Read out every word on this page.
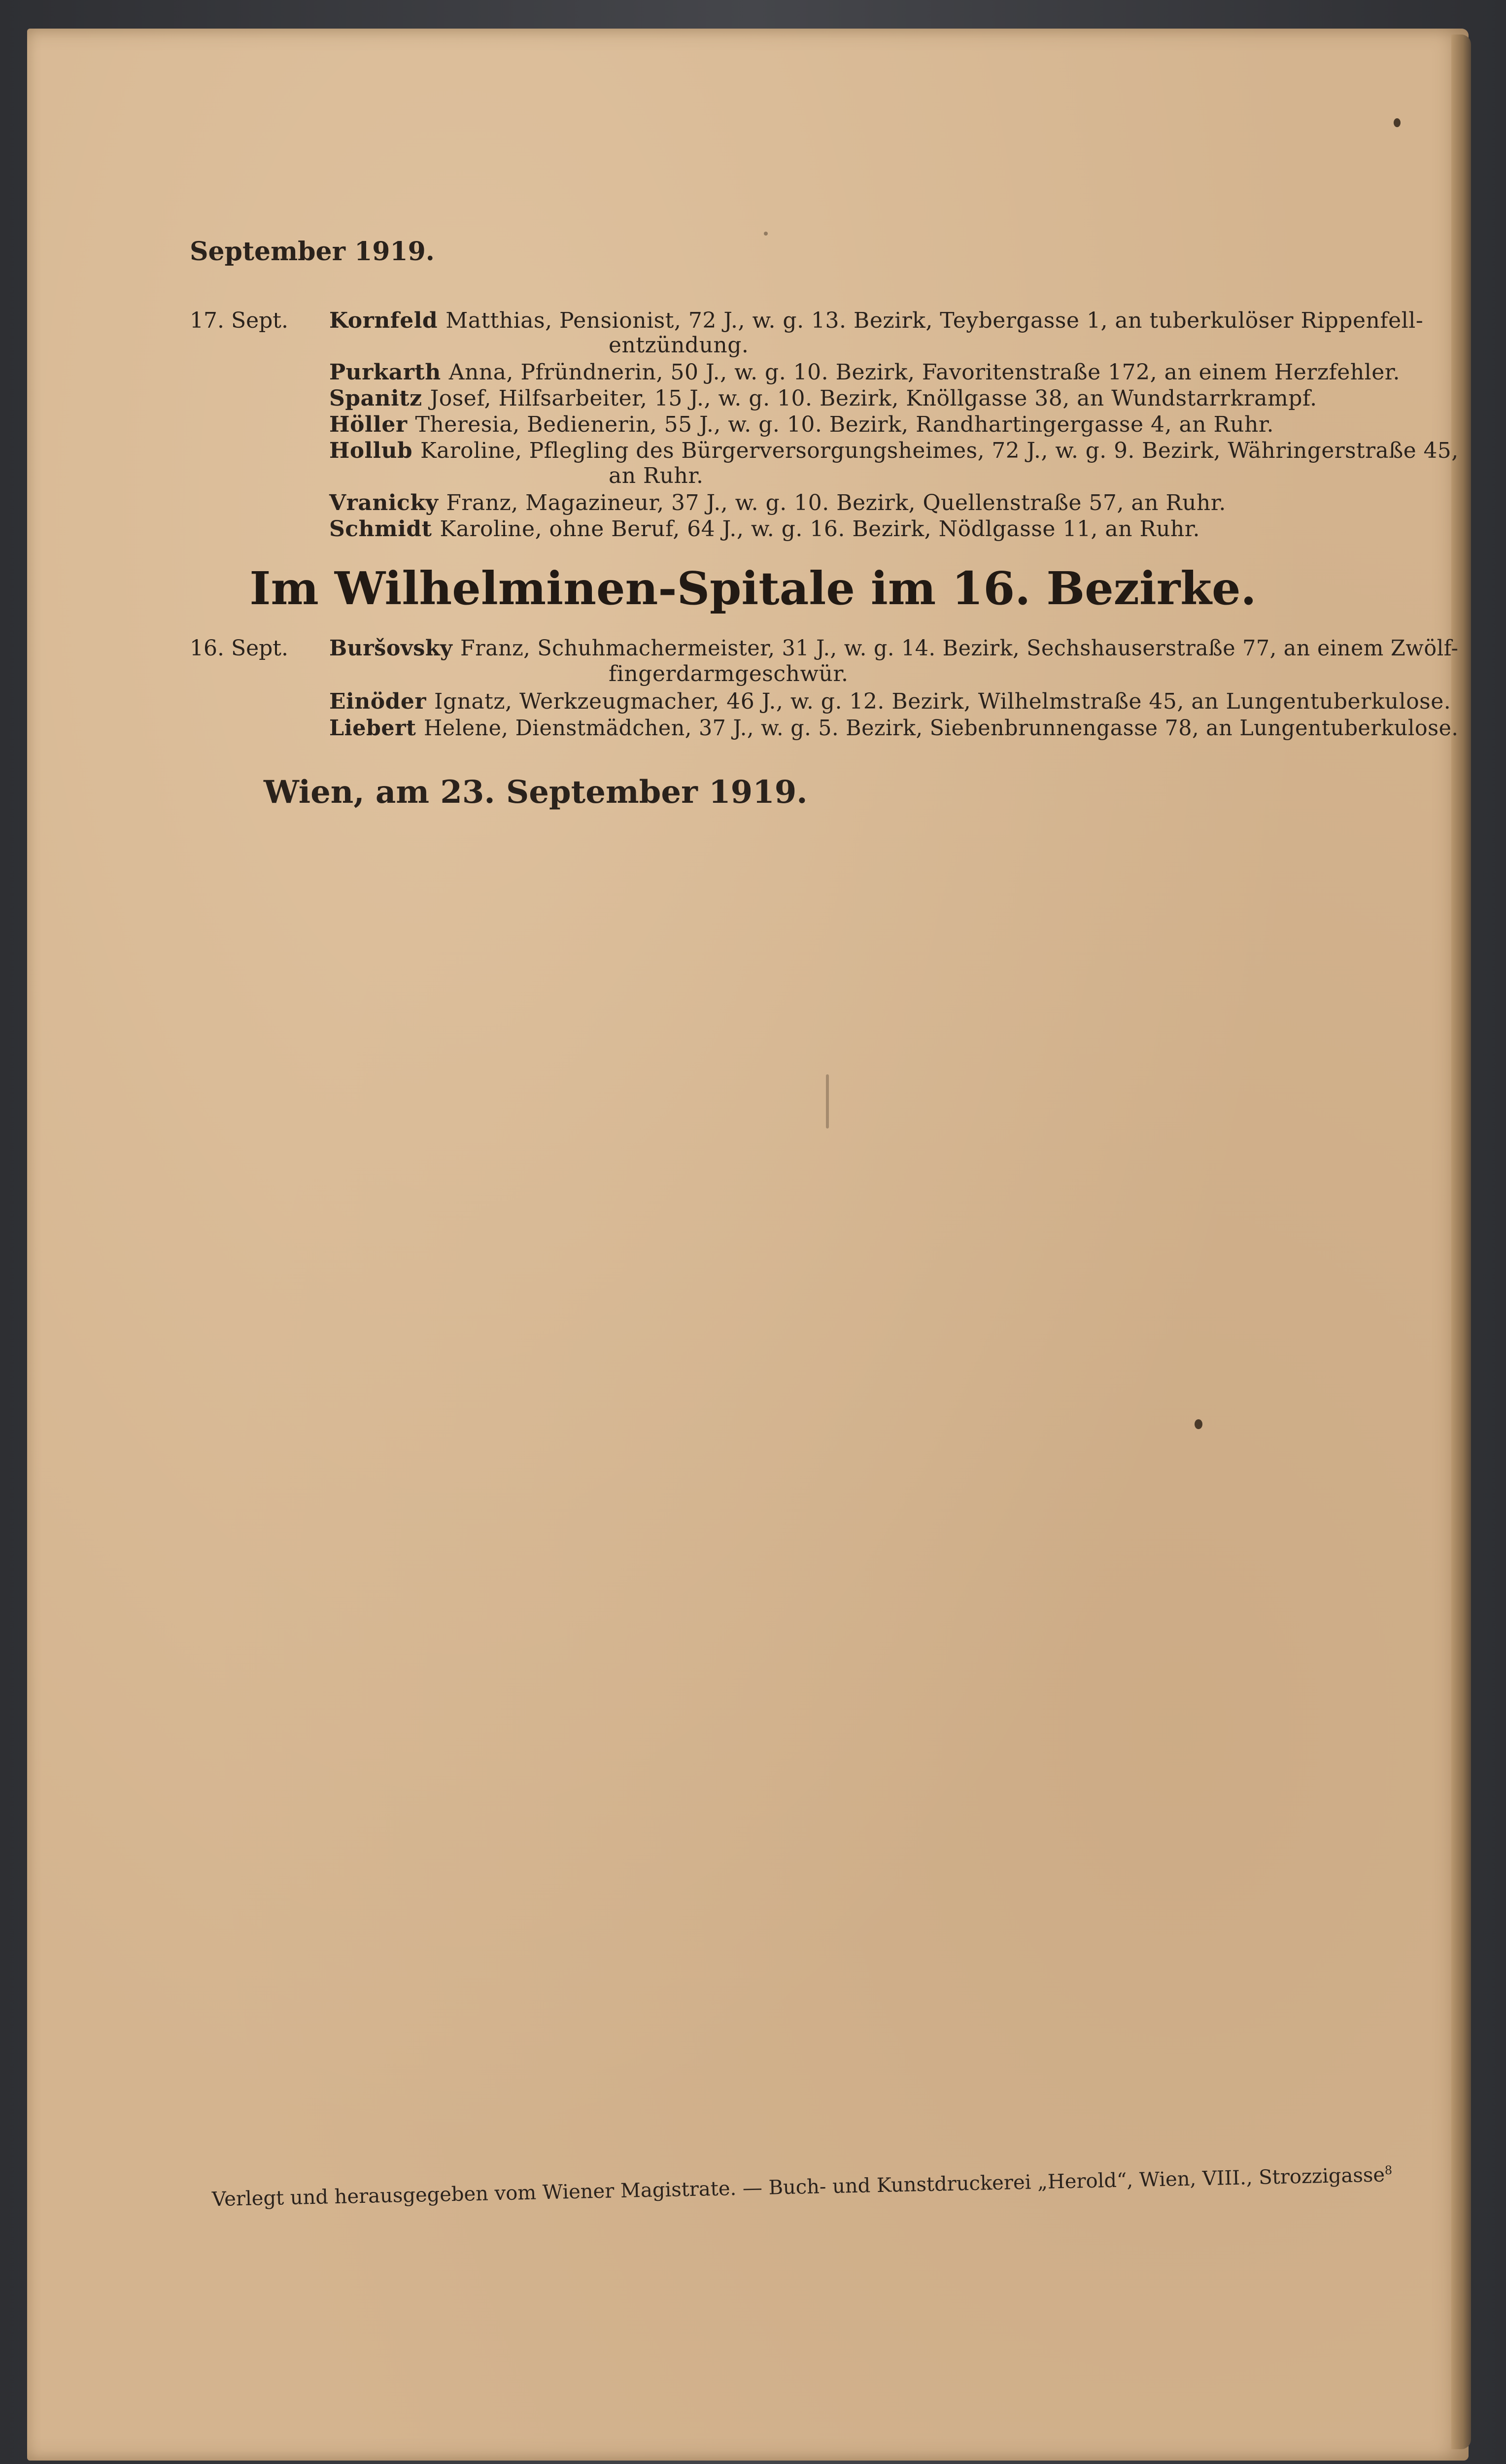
September 1919.
17. Sept. Kornfeld Matthias, Pensionist, 72 J., w. g. 13. Bezirk, Teybergasse 1, an tuberkulöser Rippenfell-
entzündung.
Purkarth Anna, Pfründnerin, 50 J., w. g. 10. Bezirk, Favoritenstraße 172, an einem Herzfehler.
Spanitz Josef, Hilfsarbeiter, 15 J., w. g. 10. Bezirk, Knöllgasse 38, an Wundstarrkrampf.
Höller Theresia, Bedienerin, 55 J., w. g. 10. Bezirk, Randhartingergasse 4, an Ruhr.
Hollub Karoline, Pflegling des Bürgerversorgungsheimes, 72 J., w. g. 9. Bezirk, Währingerstraße 45,
an Ruhr.
Vranicky Franz, Magazineur, 37 J., w. g. 10. Bezirk, Quellenstraße 57, an Ruhr.
Schmidt Karoline, ohne Beruf, 64 J., w. g. 16. Bezirk, Nödlgasse 11, an Ruhr.
Im Wilhelminen-Spitale im 16. Bezirke.
16. Sept. Buršovsky Franz, Schuhmachermeister, 31 J., w. g. 14. Bezirk, Sechshauserstraße 77, an einem Zwölf-
fingerdarmgeschwür.
Einöder Ignatz, Werkzeugmacher, 46 J., w. g. 12. Bezirk, Wilhelmstraße 45, an Lungentuberkulose.
Liebert Helene, Dienstmädchen, 37 J., w. g. 5. Bezirk, Siebenbrunnengasse 78, an Lungentuberkulose.
Wien, am 23. September 1919.
Verlegt und herausgegeben vom Wiener Magistrate. — Buch- und Kunstdruckerei „Herold“, Wien, VIII., Strozzigasse$^8$
